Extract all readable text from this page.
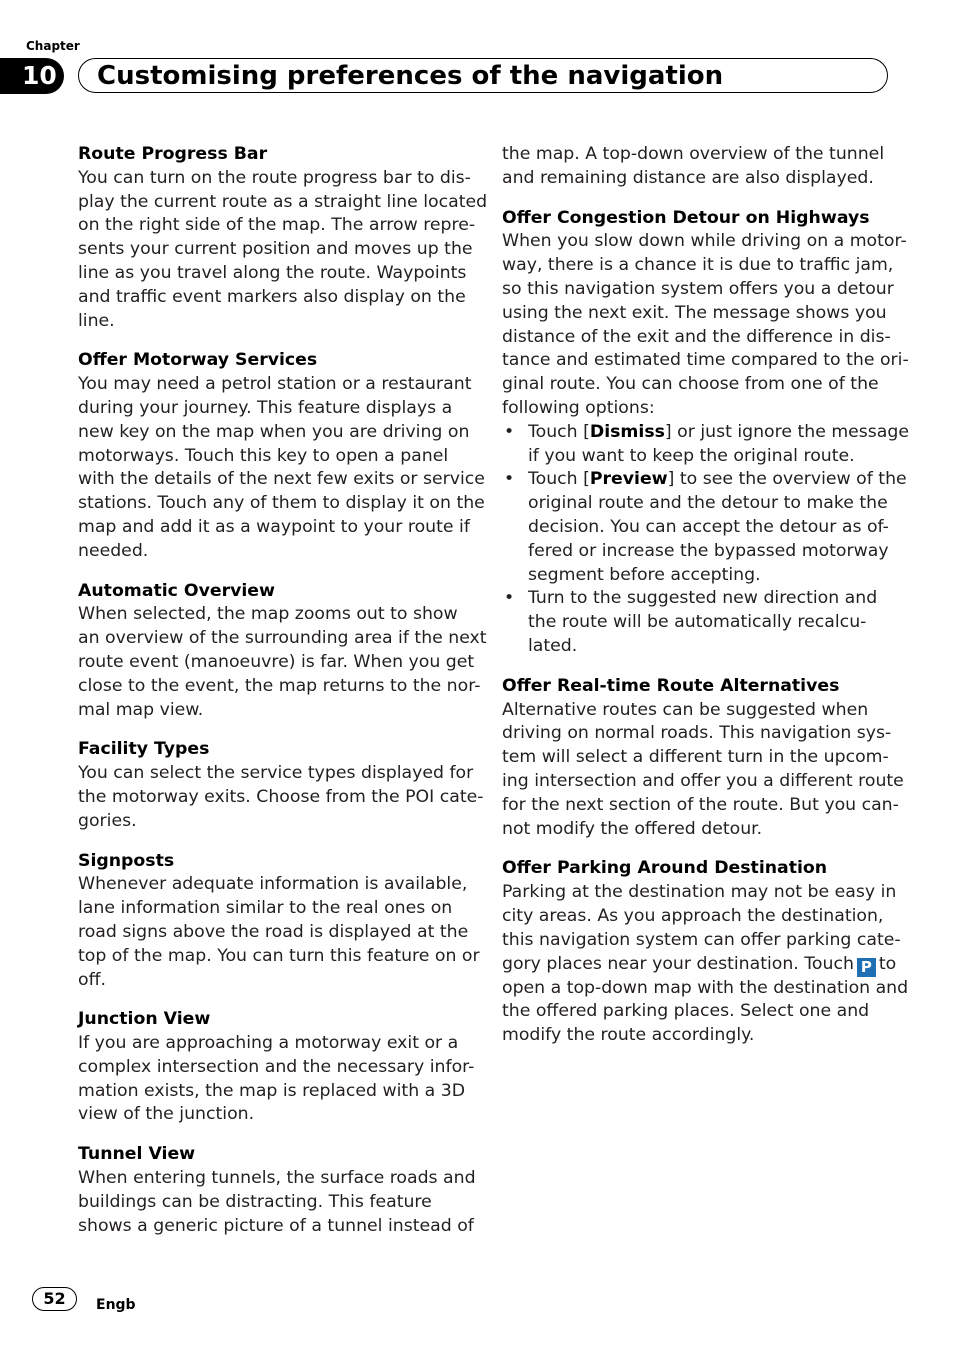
Chapter
10 Customising preferences of the navigation
Route Progress Bar
You can turn on the route progress bar to dis-
play the current route as a straight line located
on the right side of the map. The arrow repre-
sents your current position and moves up the
line as you travel along the route. Waypoints
and traffic event markers also display on the
line.
Offer Motorway Services
You may need a petrol station or a restaurant
during your journey. This feature displays a
new key on the map when you are driving on
motorways. Touch this key to open a panel
with the details of the next few exits or service
stations. Touch any of them to display it on the
map and add it as a waypoint to your route if
needed.
Automatic Overview
When selected, the map zooms out to show
an overview of the surrounding area if the next
route event (manoeuvre) is far. When you get
close to the event, the map returns to the nor-
mal map view.
Facility Types
You can select the service types displayed for
the motorway exits. Choose from the POI cate-
gories.
Signposts
Whenever adequate information is available,
lane information similar to the real ones on
road signs above the road is displayed at the
top of the map. You can turn this feature on or
off.
Junction View
If you are approaching a motorway exit or a
complex intersection and the necessary infor-
mation exists, the map is replaced with a 3D
view of the junction.
Tunnel View
When entering tunnels, the surface roads and
buildings can be distracting. This feature
shows a generic picture of a tunnel instead of
the map. A top-down overview of the tunnel
and remaining distance are also displayed.
Offer Congestion Detour on Highways
When you slow down while driving on a motor-
way, there is a chance it is due to traffic jam,
so this navigation system offers you a detour
using the next exit. The message shows you
distance of the exit and the difference in dis-
tance and estimated time compared to the ori-
ginal route. You can choose from one of the
following options:
• Touch [Dismiss] or just ignore the message
if you want to keep the original route.
• Touch [Preview] to see the overview of the
original route and the detour to make the
decision. You can accept the detour as of-
fered or increase the bypassed motorway
segment before accepting.
• Turn to the suggested new direction and
the route will be automatically recalcu-
lated.
Offer Real-time Route Alternatives
Alternative routes can be suggested when
driving on normal roads. This navigation sys-
tem will select a different turn in the upcom-
ing intersection and offer you a different route
for the next section of the route. But you can-
not modify the offered detour.
Offer Parking Around Destination
Parking at the destination may not be easy in
city areas. As you approach the destination,
this navigation system can offer parking cate-
gory places near your destination. Touch P to
open a top-down map with the destination and
the offered parking places. Select one and
modify the route accordingly.
52	Engb
